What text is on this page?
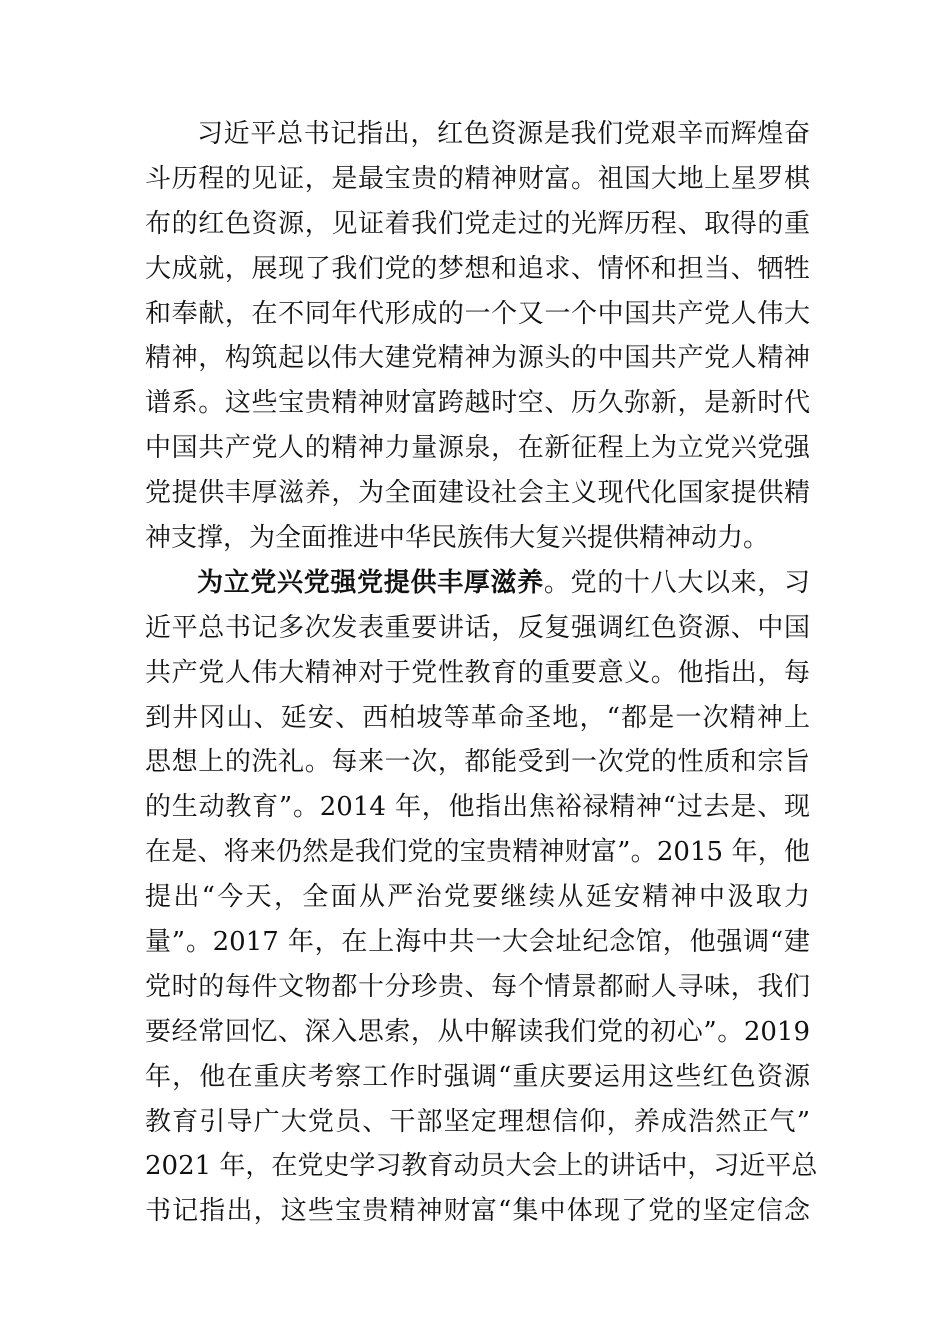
习近平总书记指出，红色资源是我们党艰辛而辉煌奋
斗历程的见证，是最宝贵的精神财富。祖国大地上星罗棋
布的红色资源，见证着我们党走过的光辉历程、取得的重
大成就，展现了我们党的梦想和追求、情怀和担当、牺牲
和奉献，在不同年代形成的一个又一个中国共产党人伟大
精神，构筑起以伟大建党精神为源头的中国共产党人精神
谱系。这些宝贵精神财富跨越时空、历久弥新，是新时代
中国共产党人的精神力量源泉，在新征程上为立党兴党强
党提供丰厚滋养，为全面建设社会主义现代化国家提供精
神支撑，为全面推进中华民族伟大复兴提供精神动力。
为立党兴党强党提供丰厚滋养。党的十八大以来，习
近平总书记多次发表重要讲话，反复强调红色资源、中国
共产党人伟大精神对于党性教育的重要意义。他指出，每
到井冈山、延安、西柏坡等革命圣地，“都是一次精神上
思想上的洗礼。每来一次，都能受到一次党的性质和宗旨
的生动教育”。2014 年，他指出焦裕禄精神“过去是、现
在是、将来仍然是我们党的宝贵精神财富”。2015 年，他
提出“今天，全面从严治党要继续从延安精神中汲取力
量”。2017 年，在上海中共一大会址纪念馆，他强调“建
党时的每件文物都十分珍贵、每个情景都耐人寻味，我们
要经常回忆、深入思索，从中解读我们党的初心”。2019
年，他在重庆考察工作时强调“重庆要运用这些红色资源
教育引导广大党员、干部坚定理想信仰，养成浩然正气”
2021 年，在党史学习教育动员大会上的讲话中，习近平总
书记指出，这些宝贵精神财富“集中体现了党的坚定信念
